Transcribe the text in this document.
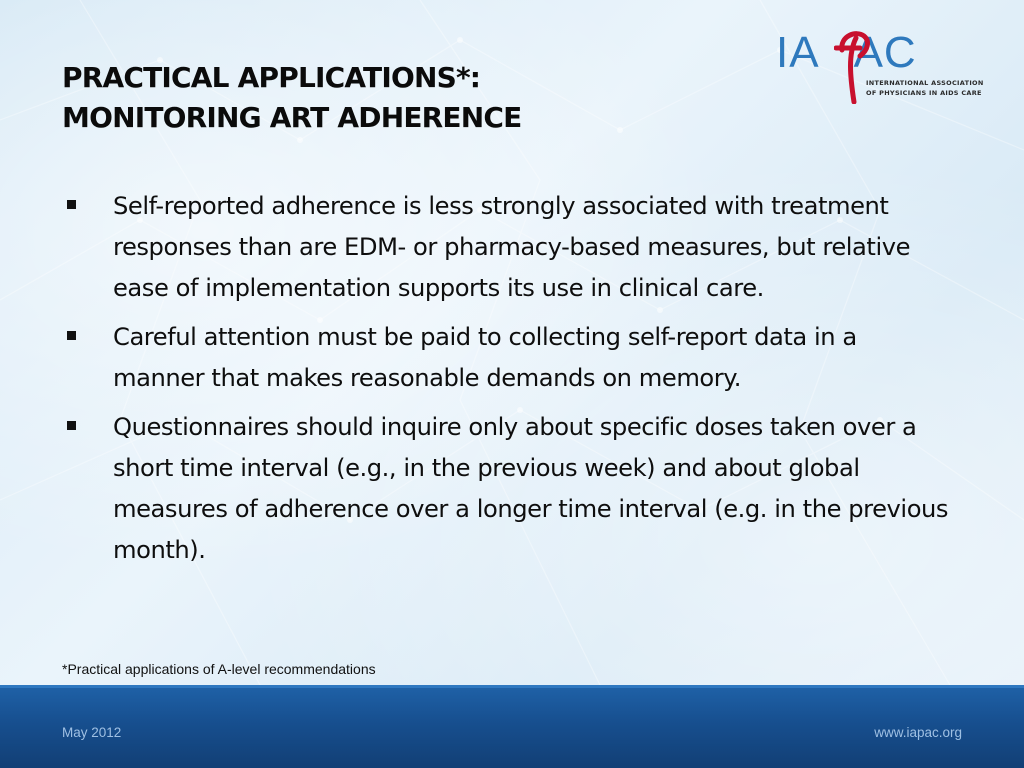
PRACTICAL APPLICATIONS*:
MONITORING ART ADHERENCE
IA AC
INTERNATIONAL ASSOCIATION
OF PHYSICIANS IN AIDS CARE
Self-reported adherence is less strongly associated with treatment responses than are EDM- or pharmacy-based measures, but relative ease of implementation supports its use in clinical care.
Careful attention must be paid to collecting self-report data in a manner that makes reasonable demands on memory.
Questionnaires should inquire only about specific doses taken over a short time interval (e.g., in the previous week) and about global measures of adherence over a longer time interval (e.g. in the previous month).
*Practical applications of A-level recommendations
May 2012	www.iapac.org
